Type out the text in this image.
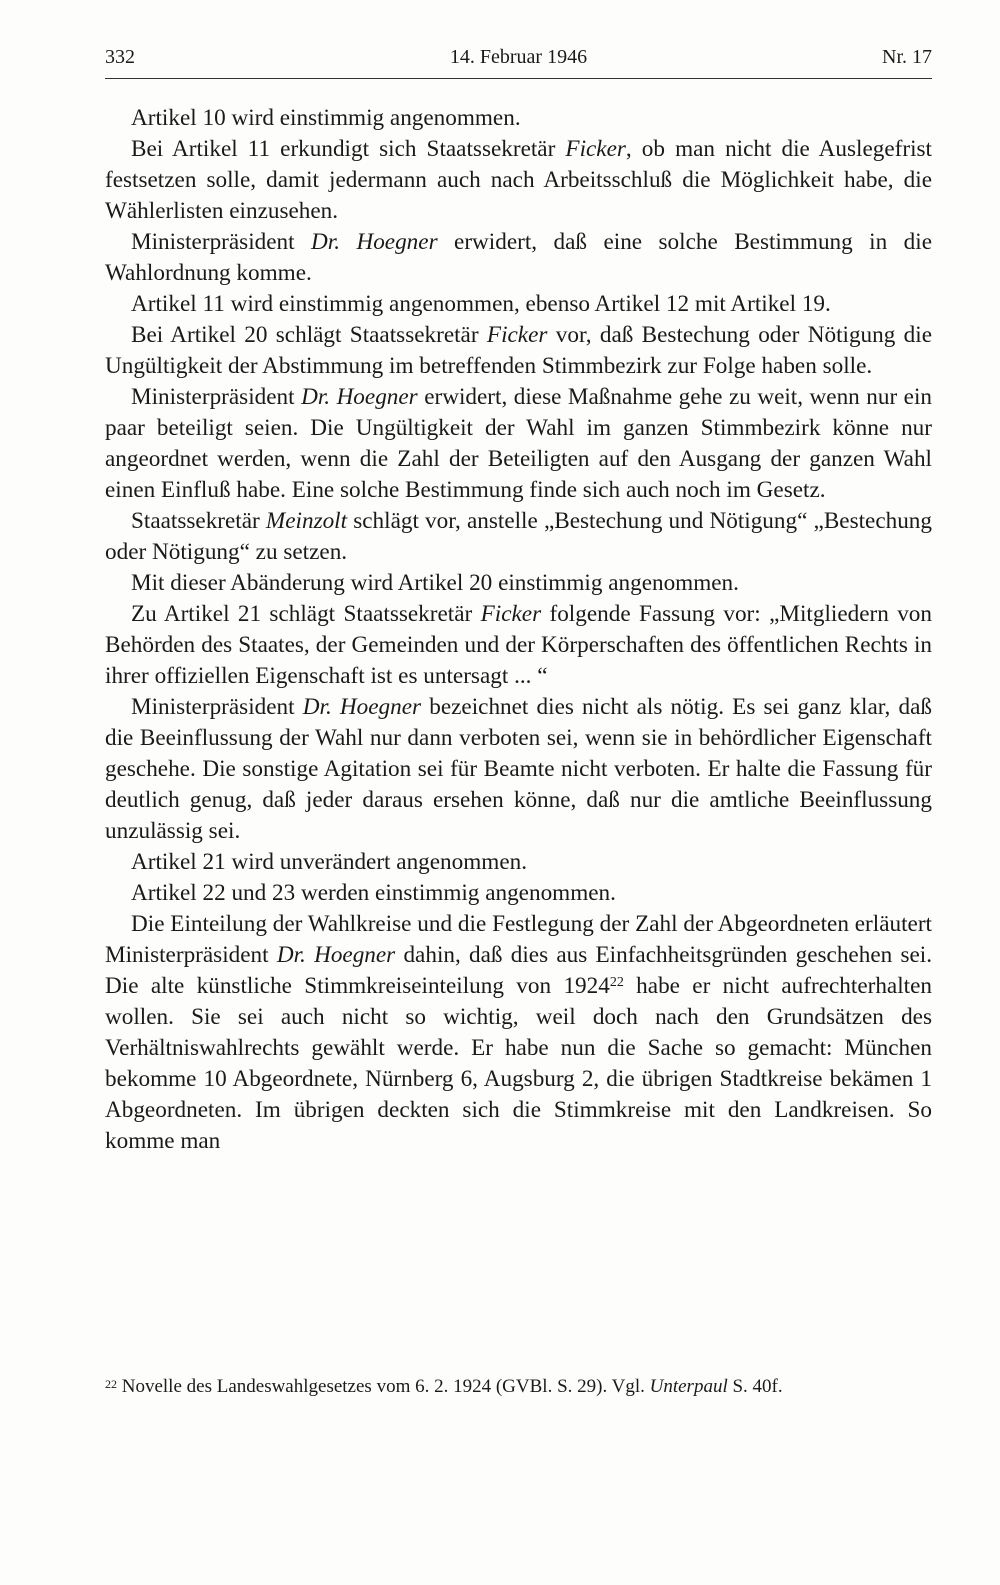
332	14. Februar 1946	Nr. 17

Artikel 10 wird einstimmig angenommen.

Bei Artikel 11 erkundigt sich Staatssekretär Ficker, ob man nicht die Auslegefrist festsetzen solle, damit jedermann auch nach Arbeitsschluß die Möglichkeit habe, die Wählerlisten einzusehen.

Ministerpräsident Dr. Hoegner erwidert, daß eine solche Bestimmung in die Wahlordnung komme.

Artikel 11 wird einstimmig angenommen, ebenso Artikel 12 mit Artikel 19.

Bei Artikel 20 schlägt Staatssekretär Ficker vor, daß Bestechung oder Nötigung die Ungültigkeit der Abstimmung im betreffenden Stimmbezirk zur Folge haben solle.

Ministerpräsident Dr. Hoegner erwidert, diese Maßnahme gehe zu weit, wenn nur ein paar beteiligt seien. Die Ungültigkeit der Wahl im ganzen Stimmbezirk könne nur angeordnet werden, wenn die Zahl der Beteiligten auf den Ausgang der ganzen Wahl einen Einfluß habe. Eine solche Bestimmung finde sich auch noch im Gesetz.

Staatssekretär Meinzolt schlägt vor, anstelle „Bestechung und Nötigung“ „Bestechung oder Nötigung“ zu setzen.

Mit dieser Abänderung wird Artikel 20 einstimmig angenommen.

Zu Artikel 21 schlägt Staatssekretär Ficker folgende Fassung vor: „Mitgliedern von Behörden des Staates, der Gemeinden und der Körperschaften des öffentlichen Rechts in ihrer offiziellen Eigenschaft ist es untersagt ... “

Ministerpräsident Dr. Hoegner bezeichnet dies nicht als nötig. Es sei ganz klar, daß die Beeinflussung der Wahl nur dann verboten sei, wenn sie in behördlicher Eigenschaft geschehe. Die sonstige Agitation sei für Beamte nicht verboten. Er halte die Fassung für deutlich genug, daß jeder daraus ersehen könne, daß nur die amtliche Beeinflussung unzulässig sei.

Artikel 21 wird unverändert angenommen.

Artikel 22 und 23 werden einstimmig angenommen.

Die Einteilung der Wahlkreise und die Festlegung der Zahl der Abgeordneten erläutert Ministerpräsident Dr. Hoegner dahin, daß dies aus Einfachheitsgründen geschehen sei. Die alte künstliche Stimmkreiseinteilung von 1924$^{22}$ habe er nicht aufrechterhalten wollen. Sie sei auch nicht so wichtig, weil doch nach den Grundsätzen des Verhältniswahlrechts gewählt werde. Er habe nun die Sache so gemacht: München bekomme 10 Abgeordnete, Nürnberg 6, Augsburg 2, die übrigen Stadtkreise bekämen 1 Abgeordneten. Im übrigen deckten sich die Stimmkreise mit den Landkreisen. So komme man

$^{22}$ Novelle des Landeswahlgesetzes vom 6. 2. 1924 (GVBl. S. 29). Vgl. Unterpaul S. 40f.
